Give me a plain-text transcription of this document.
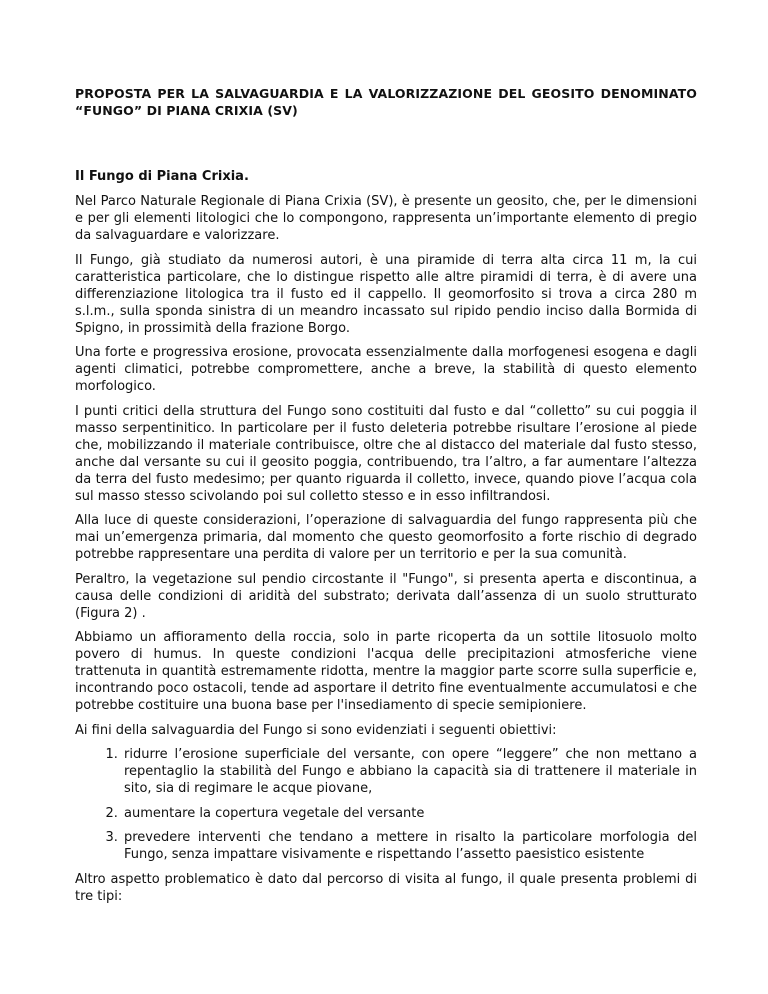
PROPOSTA PER LA SALVAGUARDIA E LA VALORIZZAZIONE DEL GEOSITO DENOMINATO “FUNGO” DI PIANA CRIXIA (SV)
Il Fungo di Piana Crixia.

Nel Parco Naturale Regionale di Piana Crixia (SV), è presente un geosito, che, per le dimensioni e per gli elementi litologici che lo compongono, rappresenta un’importante elemento di pregio da salvaguardare e valorizzare.

Il Fungo, già studiato da numerosi autori, è una piramide di terra alta circa 11 m, la cui caratteristica particolare, che lo distingue rispetto alle altre piramidi di terra, è di avere una differenziazione litologica tra il fusto ed il cappello. Il geomorfosito si trova a circa 280 m s.l.m., sulla sponda sinistra di un meandro incassato sul ripido pendio inciso dalla Bormida di Spigno, in prossimità della frazione Borgo.

Una forte e progressiva erosione, provocata essenzialmente dalla morfogenesi esogena e dagli agenti climatici, potrebbe compromettere, anche a breve, la stabilità di questo elemento morfologico.

I punti critici della struttura del Fungo sono costituiti dal fusto e dal “colletto” su cui poggia il masso serpentinitico. In particolare per il fusto deleteria potrebbe risultare l’erosione al piede che, mobilizzando il materiale contribuisce, oltre che al distacco del materiale dal fusto stesso, anche dal versante su cui il geosito poggia, contribuendo, tra l’altro, a far aumentare l’altezza da terra del fusto medesimo; per quanto riguarda il colletto, invece, quando piove l’acqua cola sul masso stesso scivolando poi sul colletto stesso e in esso infiltrandosi.

Alla luce di queste considerazioni, l’operazione di salvaguardia del fungo rappresenta più che mai un’emergenza primaria, dal momento che questo geomorfosito a forte rischio di degrado potrebbe rappresentare una perdita di valore per un territorio e per la sua comunità.

Peraltro, la vegetazione sul pendio circostante il "Fungo", si presenta aperta e discontinua, a causa delle condizioni di aridità del substrato; derivata dall’assenza di un suolo strutturato (Figura 2) .

Abbiamo un affioramento della roccia, solo in parte ricoperta da un sottile litosuolo molto povero di humus. In queste condizioni l'acqua delle precipitazioni atmosferiche viene trattenuta in quantità estremamente ridotta, mentre la maggior parte scorre sulla superficie e, incontrando poco ostacoli, tende ad asportare il detrito fine eventualmente accumulatosi e che potrebbe costituire una buona base per l'insediamento di specie semipioniere.

Ai fini della salvaguardia del Fungo si sono evidenziati i seguenti obiettivi:

1. ridurre l’erosione superficiale del versante, con opere “leggere” che non mettano a repentaglio la stabilità del Fungo e abbiano la capacità sia di trattenere il materiale in sito, sia di regimare le acque piovane,
2. aumentare la copertura vegetale del versante
3. prevedere interventi che tendano a mettere in risalto la particolare morfologia del Fungo, senza impattare visivamente e rispettando l’assetto paesistico esistente

Altro aspetto problematico è dato dal percorso di visita al fungo, il quale presenta problemi di tre tipi:
